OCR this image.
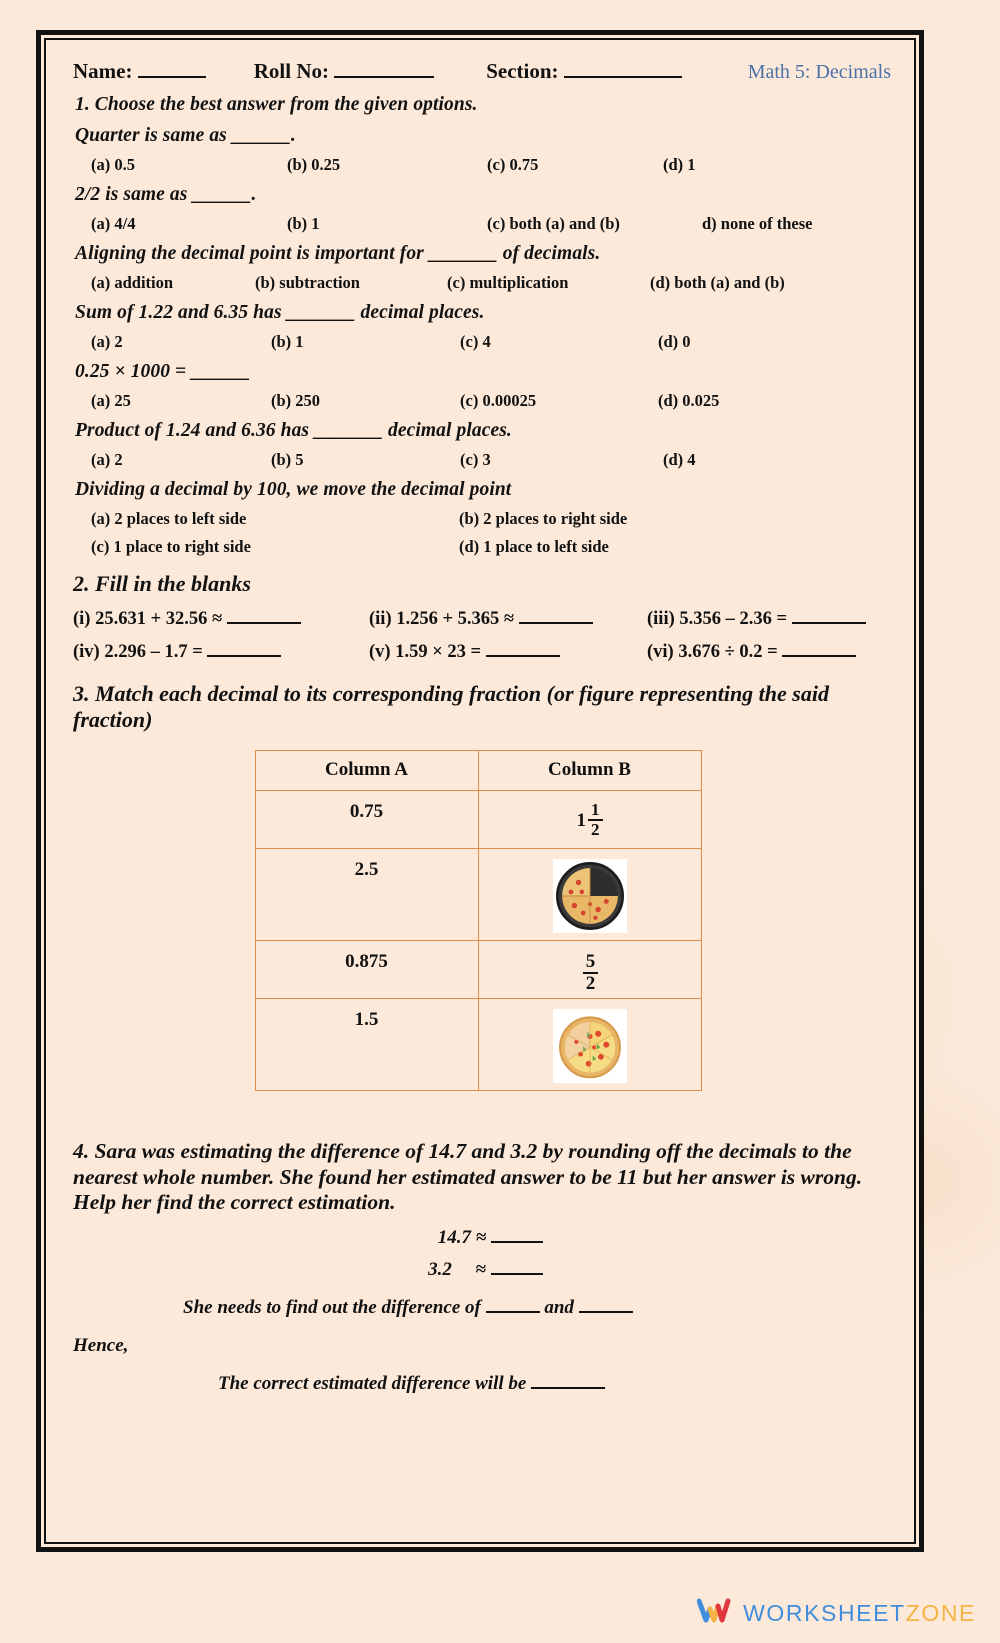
Name:	Roll No:	Section:	Math 5: Decimals
1. Choose the best answer from the given options.
Quarter is same as ______.
(a) 0.5	(b) 0.25	(c) 0.75	(d) 1
2/2 is same as ______.
(a) 4/4	(b) 1	(c) both (a) and (b)	d) none of these
Aligning the decimal point is important for _______ of decimals.
(a) addition	(b) subtraction	(c) multiplication	(d) both (a) and (b)
Sum of 1.22 and 6.35 has _______ decimal places.
(a) 2	(b) 1	(c) 4	(d) 0
0.25 × 1000 = ______
(a) 25	(b) 250	(c) 0.00025	(d) 0.025
Product of 1.24 and 6.36 has _______ decimal places.
(a) 2	(b) 5	(c) 3	(d) 4
Dividing a decimal by 100, we move the decimal point
(a) 2 places to left side	(b) 2 places to right side
(c) 1 place to right side	(d) 1 place to left side
2. Fill in the blanks
(i) 25.631 + 32.56 ≈	(ii) 1.256 + 5.365 ≈	(iii) 5.356 – 2.36 =
(iv) 2.296 – 1.7 =	(v) 1.59 × 23 =	(vi) 3.676 ÷ 0.2 =
3. Match each decimal to its corresponding fraction (or figure representing the said fraction)
Column A	Column B
0.75	$1 \frac{1}{2}$

2.5	
0.875	$\frac{5}{2}$

1.5	
4. Sara was estimating the difference of 14.7 and 3.2 by rounding off the decimals to the nearest whole number. She found her estimated answer to be 11 but her answer is wrong. Help her find the correct estimation.
14.7 ≈
3.2 ≈
She needs to find out the difference of	and
Hence,
The correct estimated difference will be
WORKSHEETZONE
